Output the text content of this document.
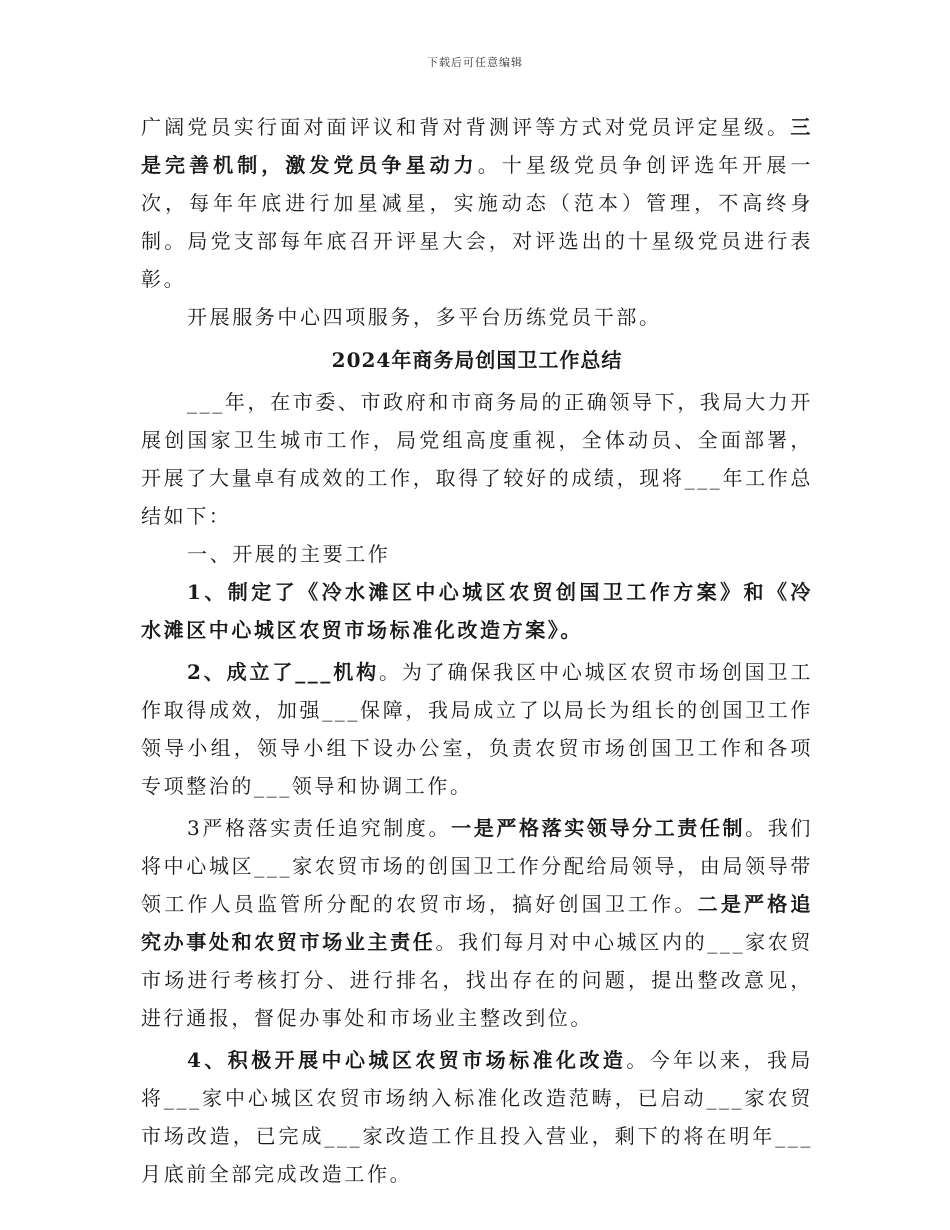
下载后可任意编辑

广阔党员实行面对面评议和背对背测评等方式对党员评定星级。三是完善机制，激发党员争星动力。十星级党员争创评选年开展一次，每年年底进行加星减星，实施动态（范本）管理，不高终身制。局党支部每年底召开评星大会，对评选出的十星级党员进行表彰。

开展服务中心四项服务，多平台历练党员干部。

2024年商务局创国卫工作总结

___年，在市委、市政府和市商务局的正确领导下，我局大力开展创国家卫生城市工作，局党组高度重视，全体动员、全面部署，开展了大量卓有成效的工作，取得了较好的成绩，现将___年工作总结如下：

一、开展的主要工作

1、制定了《冷水滩区中心城区农贸创国卫工作方案》和《冷水滩区中心城区农贸市场标准化改造方案》。

2、成立了___机构。为了确保我区中心城区农贸市场创国卫工作取得成效，加强___保障，我局成立了以局长为组长的创国卫工作领导小组，领导小组下设办公室，负责农贸市场创国卫工作和各项专项整治的___领导和协调工作。

3严格落实责任追究制度。一是严格落实领导分工责任制。我们将中心城区___家农贸市场的创国卫工作分配给局领导，由局领导带领工作人员监管所分配的农贸市场，搞好创国卫工作。二是严格追究办事处和农贸市场业主责任。我们每月对中心城区内的___家农贸市场进行考核打分、进行排名，找出存在的问题，提出整改意见，进行通报，督促办事处和市场业主整改到位。

4、积极开展中心城区农贸市场标准化改造。今年以来，我局将___家中心城区农贸市场纳入标准化改造范畴，已启动___家农贸市场改造，已完成___家改造工作且投入营业，剩下的将在明年___月底前全部完成改造工作。
